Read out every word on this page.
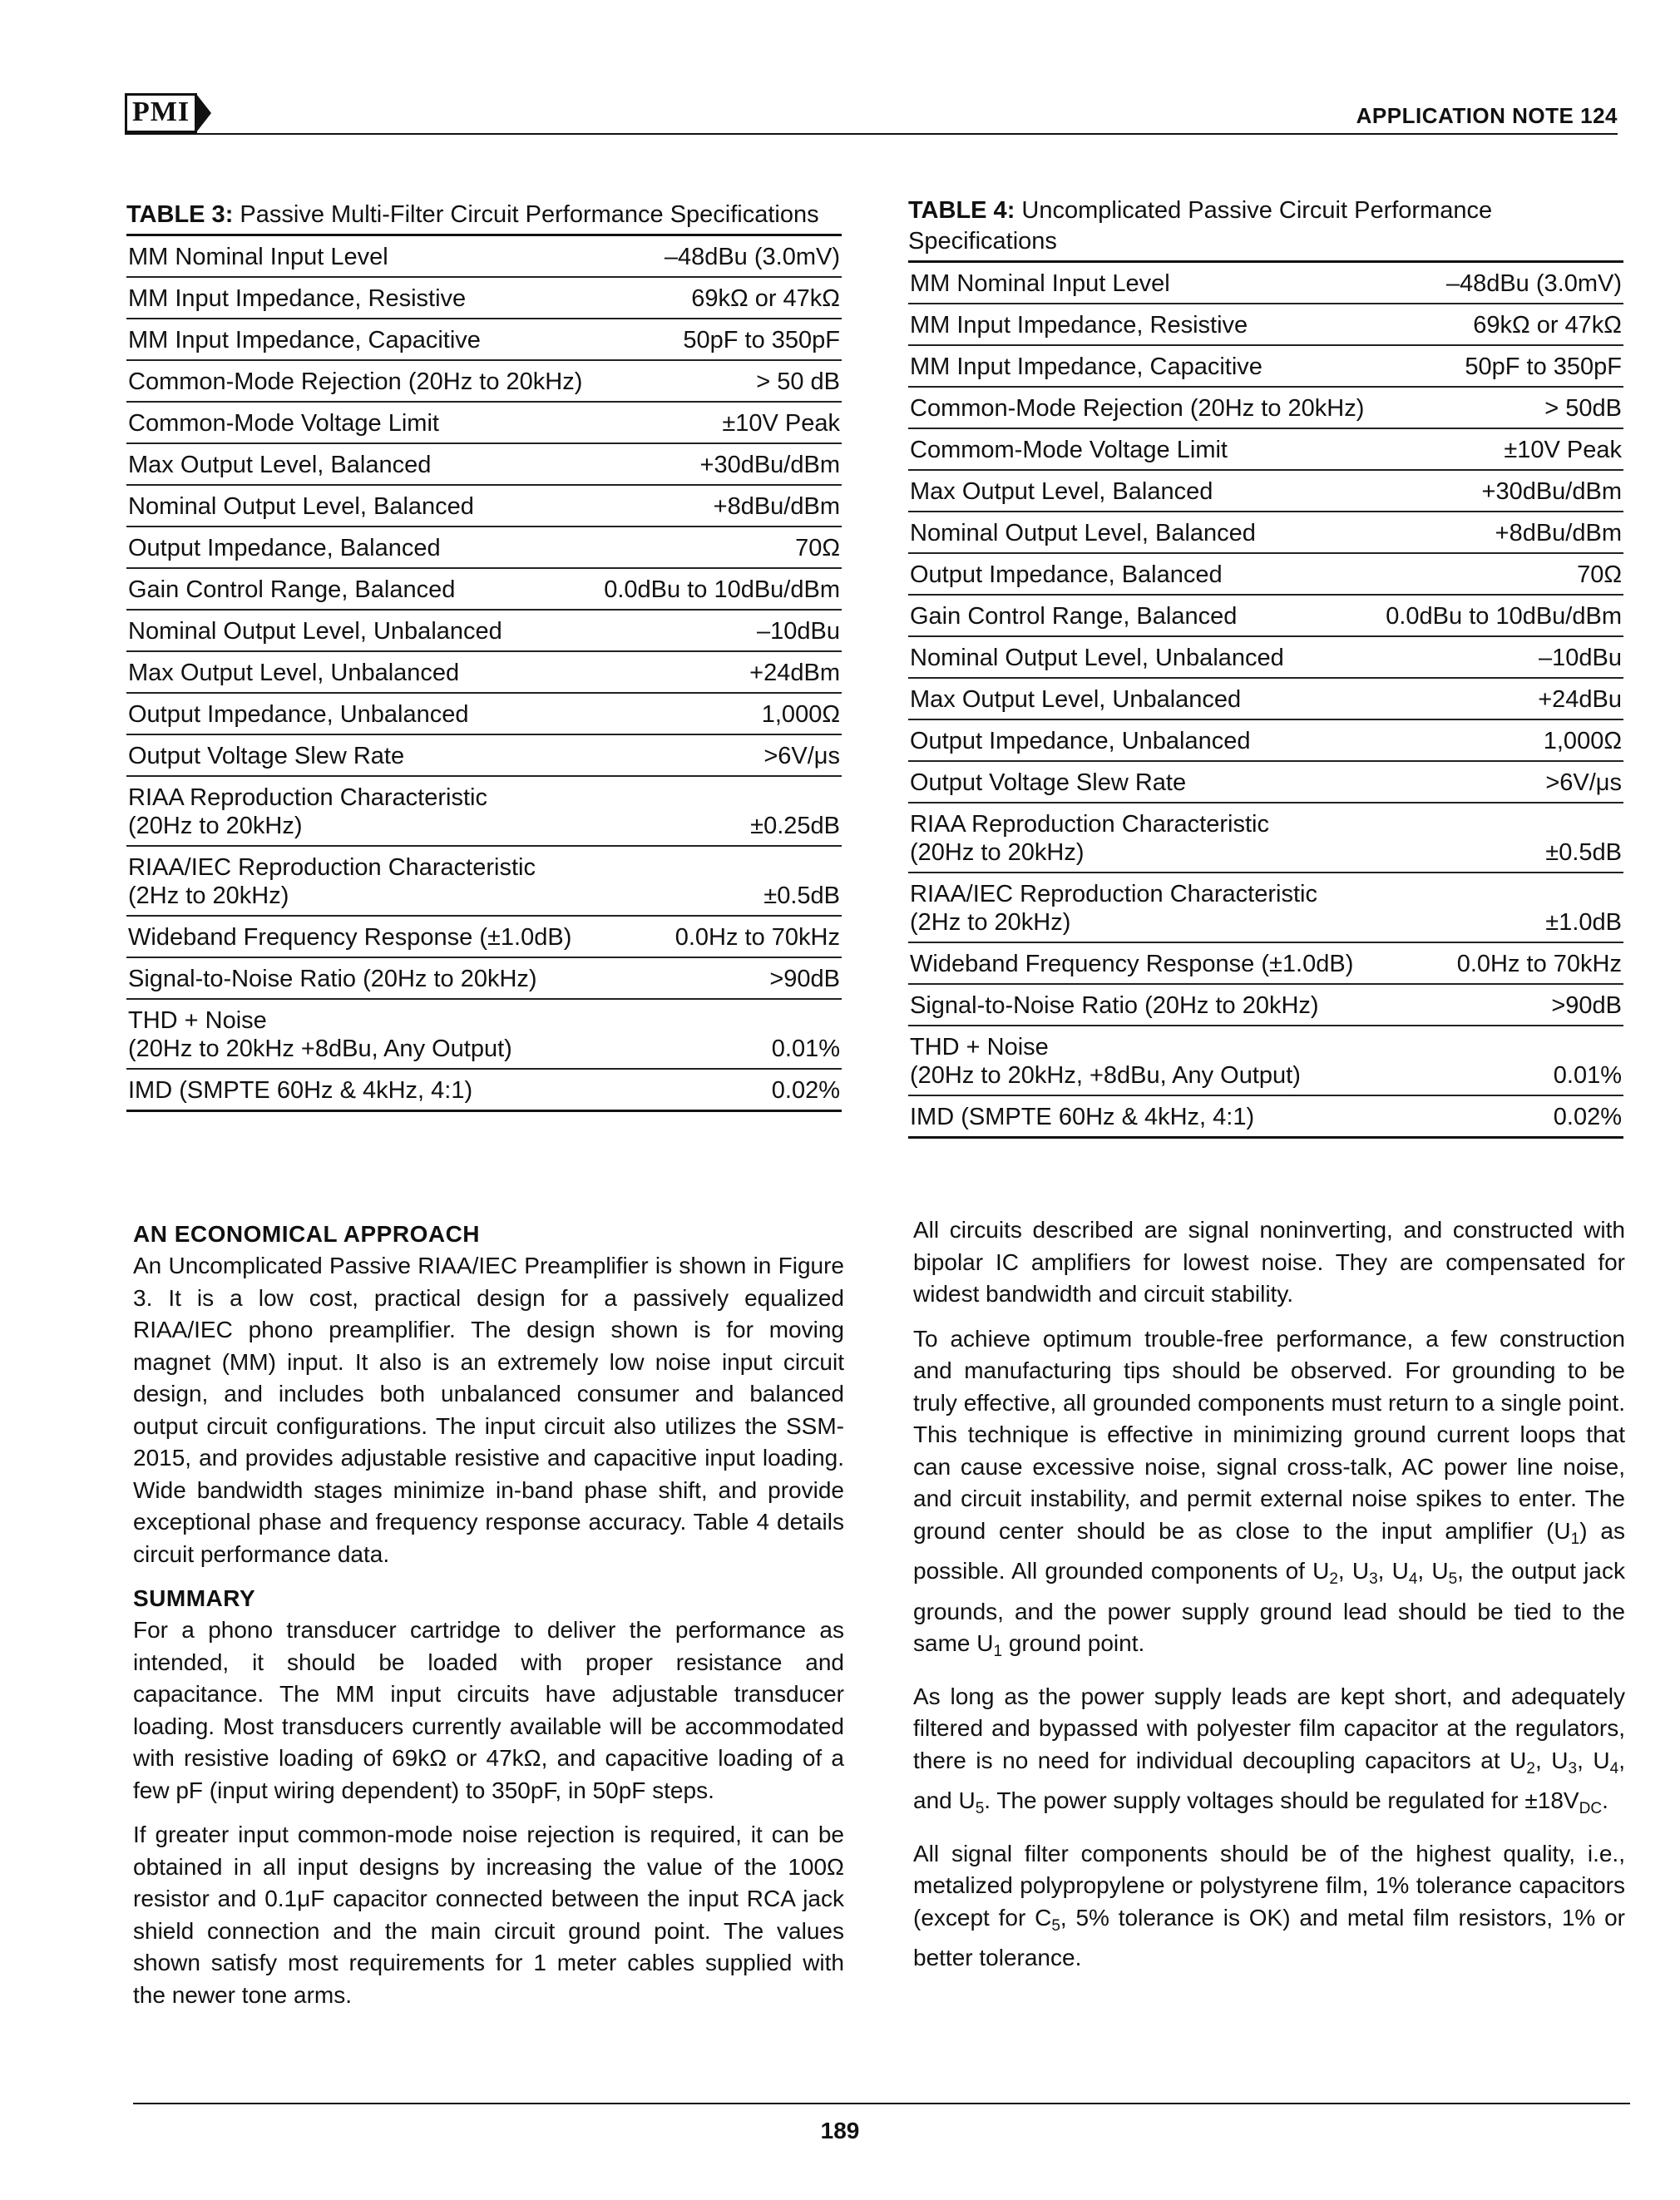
PMI	APPLICATION NOTE 124
TABLE 3: Passive Multi-Filter Circuit Performance Specifications
MM Nominal Input Level	–48dBu (3.0mV)
MM Input Impedance, Resistive	69kΩ or 47kΩ
MM Input Impedance, Capacitive	50pF to 350pF
Common-Mode Rejection (20Hz to 20kHz)	> 50 dB
Common-Mode Voltage Limit	±10V Peak
Max Output Level, Balanced	+30dBu/dBm
Nominal Output Level, Balanced	+8dBu/dBm
Output Impedance, Balanced	70Ω
Gain Control Range, Balanced	0.0dBu to 10dBu/dBm
Nominal Output Level, Unbalanced	–10dBu
Max Output Level, Unbalanced	+24dBm
Output Impedance, Unbalanced	1,000Ω
Output Voltage Slew Rate	>6V/μs
RIAA Reproduction Characteristic
(20Hz to 20kHz)	±0.25dB
RIAA/IEC Reproduction Characteristic
(2Hz to 20kHz)	±0.5dB
Wideband Frequency Response (±1.0dB)	0.0Hz to 70kHz
Signal-to-Noise Ratio (20Hz to 20kHz)	>90dB
THD + Noise
(20Hz to 20kHz +8dBu, Any Output)	0.01%
IMD (SMPTE 60Hz & 4kHz, 4:1)	0.02%
TABLE 4: Uncomplicated Passive Circuit Performance Specifications
MM Nominal Input Level	–48dBu (3.0mV)
MM Input Impedance, Resistive	69kΩ or 47kΩ
MM Input Impedance, Capacitive	50pF to 350pF
Common-Mode Rejection (20Hz to 20kHz)	> 50dB
Commom-Mode Voltage Limit	±10V Peak
Max Output Level, Balanced	+30dBu/dBm
Nominal Output Level, Balanced	+8dBu/dBm
Output Impedance, Balanced	70Ω
Gain Control Range, Balanced	0.0dBu to 10dBu/dBm
Nominal Output Level, Unbalanced	–10dBu
Max Output Level, Unbalanced	+24dBu
Output Impedance, Unbalanced	1,000Ω
Output Voltage Slew Rate	>6V/μs
RIAA Reproduction Characteristic
(20Hz to 20kHz)	±0.5dB
RIAA/IEC Reproduction Characteristic
(2Hz to 20kHz)	±1.0dB
Wideband Frequency Response (±1.0dB)	0.0Hz to 70kHz
Signal-to-Noise Ratio (20Hz to 20kHz)	>90dB
THD + Noise
(20Hz to 20kHz, +8dBu, Any Output)	0.01%
IMD (SMPTE 60Hz & 4kHz, 4:1)	0.02%
AN ECONOMICAL APPROACH

An Uncomplicated Passive RIAA/IEC Preamplifier is shown in Figure 3. It is a low cost, practical design for a passively equalized RIAA/IEC phono preamplifier. The design shown is for moving magnet (MM) input. It also is an extremely low noise input circuit design, and includes both unbalanced consumer and balanced output circuit configurations. The input circuit also utilizes the SSM-2015, and provides adjustable resistive and capacitive input loading. Wide bandwidth stages minimize in-band phase shift, and provide exceptional phase and frequency response accuracy. Table 4 details circuit performance data.

SUMMARY

For a phono transducer cartridge to deliver the performance as intended, it should be loaded with proper resistance and capacitance. The MM input circuits have adjustable transducer loading. Most transducers currently available will be accommodated with resistive loading of 69kΩ or 47kΩ, and capacitive loading of a few pF (input wiring dependent) to 350pF, in 50pF steps.

If greater input common-mode noise rejection is required, it can be obtained in all input designs by increasing the value of the 100Ω resistor and 0.1μF capacitor connected between the input RCA jack shield connection and the main circuit ground point. The values shown satisfy most requirements for 1 meter cables supplied with the newer tone arms.

All circuits described are signal noninverting, and constructed with bipolar IC amplifiers for lowest noise. They are compensated for widest bandwidth and circuit stability.

To achieve optimum trouble-free performance, a few construction and manufacturing tips should be observed. For grounding to be truly effective, all grounded components must return to a single point. This technique is effective in minimizing ground current loops that can cause excessive noise, signal cross-talk, AC power line noise, and circuit instability, and permit external noise spikes to enter. The ground center should be as close to the input amplifier $(U_1)$ as possible. All grounded components of $U_2$, $U_3$, $U_4$, $U_5$, the output jack grounds, and the power supply ground lead should be tied to the same $U_1$ ground point.

As long as the power supply leads are kept short, and adequately filtered and bypassed with polyester film capacitor at the regulators, there is no need for individual decoupling capacitors at $U_2$, $U_3$, $U_4$, and $U_5$. The power supply voltages should be regulated for $\pm 18V_{DC}$.

All signal filter components should be of the highest quality, i.e., metalized polypropylene or polystyrene film, 1% tolerance capacitors (except for $C_5$, 5% tolerance is OK) and metal film resistors, 1% or better tolerance.

189
